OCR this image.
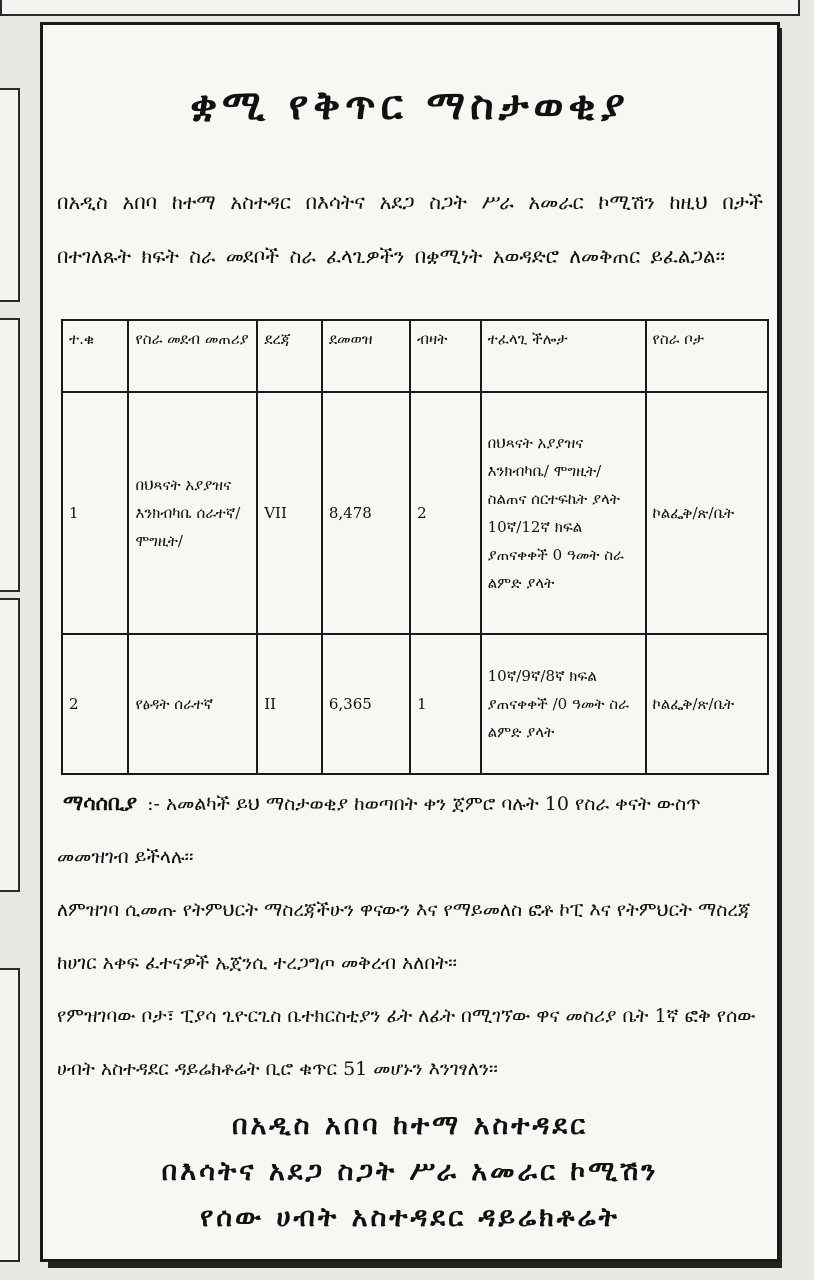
ቋሚ የቅጥር ማስታወቂያ
በአዲስ አበባ ከተማ አስተዳር በእሳትና አደጋ ስጋት ሥራ አመራር ኮሚሽን ከዚህ በታች በተገለጹት ክፍት ስራ መደቦች ስራ ፈላጊዎችን በቋሚነት አወዳድሮ ለመቅጠር ይፈልጋል፡፡
ተ.ቁ	የስራ መደብ መጠሪያ	ደረጃ	ደመወዝ	ብዛት	ተፈላጊ ችሎታ	የስራ ቦታ
1	በህጻናት አያያዝና እንክብካቤ ሰራተኛ/ሞግዚት/	VII	8,478	2	በህጻናት አያያዝና እንክብካቤ/ ሞግዚት/ ስልጠና ሰርተፍኬት ያላት 10ኛ/12ኛ ክፍል ያጠናቀቀች 0 ዓመት ስራ ልምድ ያላት	ኮልፌቅ/ጽ/ቤት
2	የፅዳት ሰራተኛ	II	6,365	1	10ኛ/9ኛ/8ኛ ክፍል ያጠናቀቀች /0 ዓመት ስራ ልምድ ያላት	ኮልፌቅ/ጽ/ቤት

ማሳሰቢያ :- አመልካች ይህ ማስታወቂያ ከወጣበት ቀን ጀምሮ ባሉት 10 የስራ ቀናት ውስጥ መመዝገብ ይችላሉ፡፡

ለምዝገባ ሲመጡ የትምህርት ማስረጃችሁን ዋናውን እና የማይመለስ ፎቶ ኮፒ እና የትምህርት ማስረጃ ከሀገር አቀፍ ፈተናዎች ኤጀንሲ ተረጋግጦ መቅረብ አለበት፡፡

የምዝገባው ቦታ፣ ፒያሳ ጊዮርጊስ ቤተክርስቲያን ፊት ለፊት በሚገኘው ዋና መስሪያ ቤት 1ኛ ፎቅ የሰው ሀብት አስተዳደር ዳይሬክቶሬት ቢሮ ቁጥር 51 መሆኑን እንገፃለን፡፡

በአዲስ አበባ ከተማ አስተዳደር
በእሳትና አደጋ ስጋት ሥራ አመራር ኮሚሽን
የሰው ሀብት አስተዳደር ዳይሬክቶሬት
